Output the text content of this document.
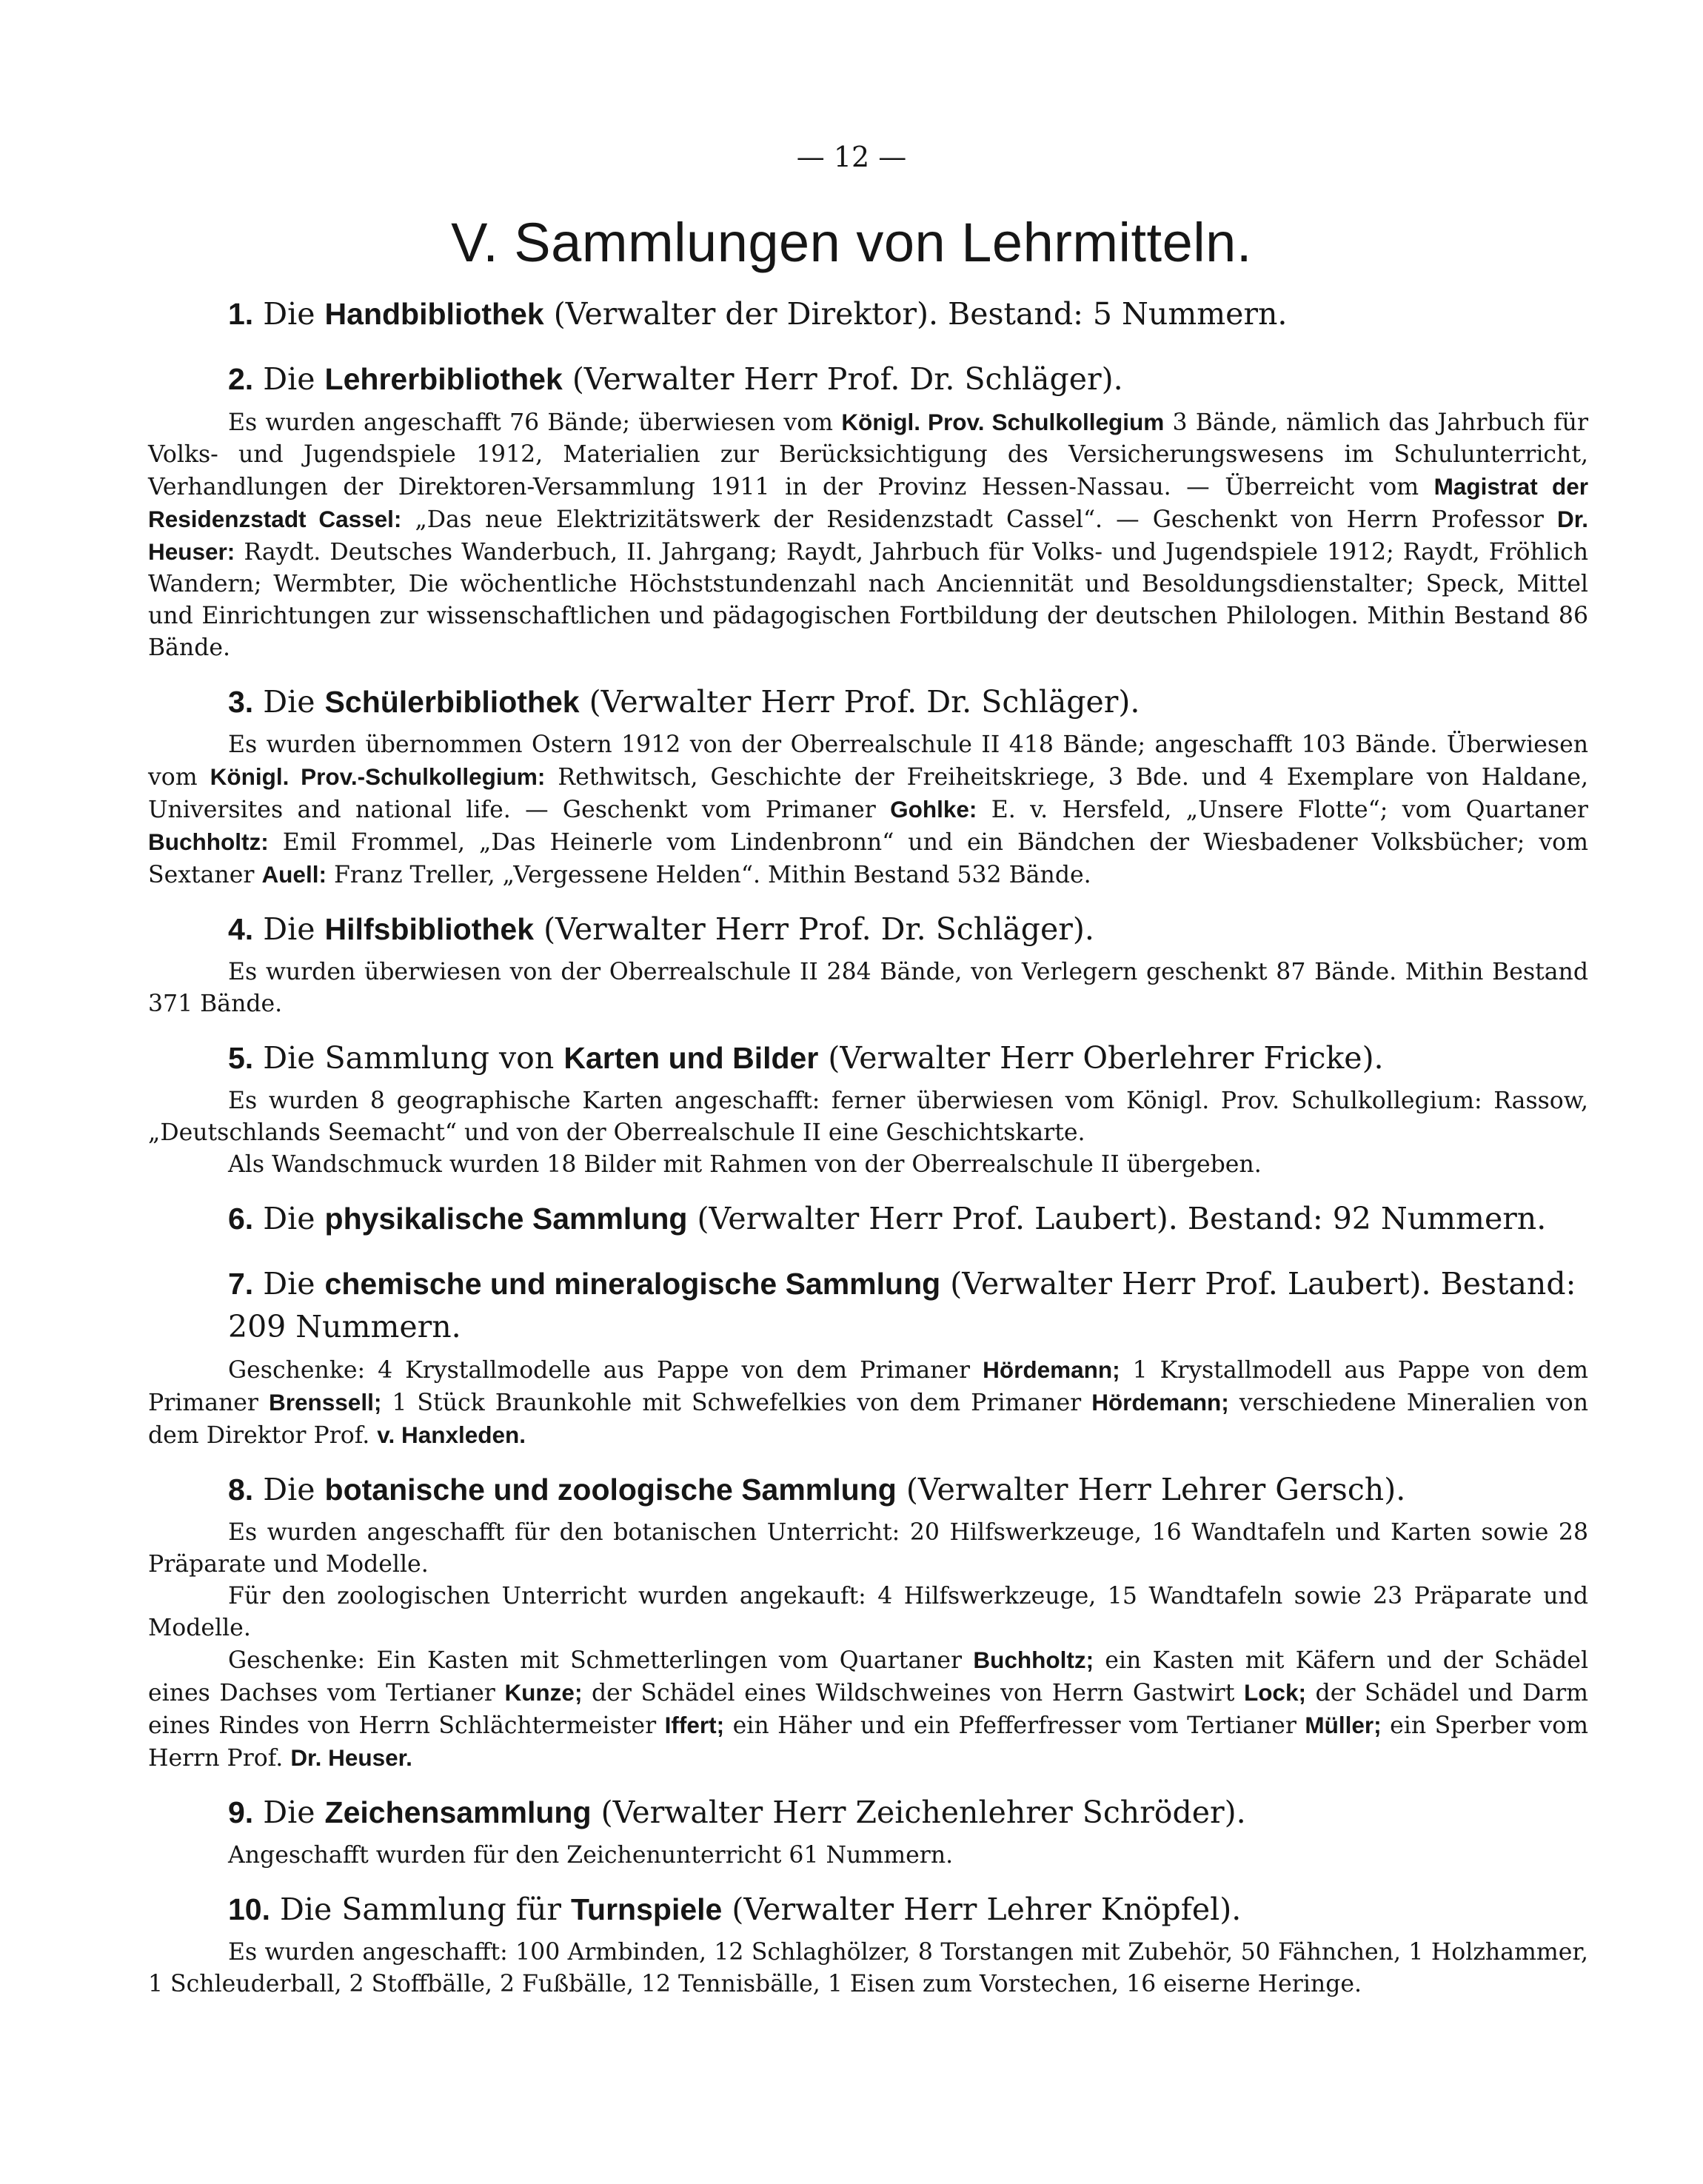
— 12 —
V. Sammlungen von Lehrmitteln.

1. Die Handbibliothek (Verwalter der Direktor). Bestand: 5 Nummern.

2. Die Lehrerbibliothek (Verwalter Herr Prof. Dr. Schläger).

Es wurden angeschafft 76 Bände; überwiesen vom Königl. Prov. Schulkollegium 3 Bände, nämlich das Jahrbuch für Volks- und Jugendspiele 1912, Materialien zur Berücksichtigung des Versicherungswesens im Schulunterricht, Verhandlungen der Direktoren-Versammlung 1911 in der Provinz Hessen-Nassau. — Überreicht vom Magistrat der Residenzstadt Cassel: „Das neue Elektrizitätswerk der Residenzstadt Cassel“. — Geschenkt von Herrn Professor Dr. Heuser: Raydt. Deutsches Wanderbuch, II. Jahrgang; Raydt, Jahrbuch für Volks- und Jugendspiele 1912; Raydt, Fröhlich Wandern; Wermbter, Die wöchentliche Höchststundenzahl nach Anciennität und Besoldungsdienstalter; Speck, Mittel und Einrichtungen zur wissenschaftlichen und pädagogischen Fortbildung der deutschen Philologen. Mithin Bestand 86 Bände.

3. Die Schülerbibliothek (Verwalter Herr Prof. Dr. Schläger).

Es wurden übernommen Ostern 1912 von der Oberrealschule II 418 Bände; angeschafft 103 Bände. Überwiesen vom Königl. Prov.-Schulkollegium: Rethwitsch, Geschichte der Freiheitskriege, 3 Bde. und 4 Exemplare von Haldane, Universites and national life. — Geschenkt vom Primaner Gohlke: E. v. Hersfeld, „Unsere Flotte“; vom Quartaner Buchholtz: Emil Frommel, „Das Heinerle vom Lindenbronn“ und ein Bändchen der Wiesbadener Volksbücher; vom Sextaner Auell: Franz Treller, „Vergessene Helden“. Mithin Bestand 532 Bände.

4. Die Hilfsbibliothek (Verwalter Herr Prof. Dr. Schläger).

Es wurden überwiesen von der Oberrealschule II 284 Bände, von Verlegern geschenkt 87 Bände. Mithin Bestand 371 Bände.

5. Die Sammlung von Karten und Bilder (Verwalter Herr Oberlehrer Fricke).

Es wurden 8 geographische Karten angeschafft: ferner überwiesen vom Königl. Prov. Schulkollegium: Rassow, „Deutschlands Seemacht“ und von der Oberrealschule II eine Geschichtskarte.

Als Wandschmuck wurden 18 Bilder mit Rahmen von der Oberrealschule II übergeben.

6. Die physikalische Sammlung (Verwalter Herr Prof. Laubert). Bestand: 92 Nummern.

7. Die chemische und mineralogische Sammlung (Verwalter Herr Prof. Laubert). Bestand: 209 Nummern.

Geschenke: 4 Krystallmodelle aus Pappe von dem Primaner Hördemann; 1 Krystallmodell aus Pappe von dem Primaner Brenssell; 1 Stück Braunkohle mit Schwefelkies von dem Primaner Hördemann; verschiedene Mineralien von dem Direktor Prof. v. Hanxleden.

8. Die botanische und zoologische Sammlung (Verwalter Herr Lehrer Gersch).

Es wurden angeschafft für den botanischen Unterricht: 20 Hilfswerkzeuge, 16 Wandtafeln und Karten sowie 28 Präparate und Modelle.

Für den zoologischen Unterricht wurden angekauft: 4 Hilfswerkzeuge, 15 Wandtafeln sowie 23 Präparate und Modelle.

Geschenke: Ein Kasten mit Schmetterlingen vom Quartaner Buchholtz; ein Kasten mit Käfern und der Schädel eines Dachses vom Tertianer Kunze; der Schädel eines Wildschweines von Herrn Gastwirt Lock; der Schädel und Darm eines Rindes von Herrn Schlächtermeister Iffert; ein Häher und ein Pfefferfresser vom Tertianer Müller; ein Sperber vom Herrn Prof. Dr. Heuser.

9. Die Zeichensammlung (Verwalter Herr Zeichenlehrer Schröder).

Angeschafft wurden für den Zeichenunterricht 61 Nummern.

10. Die Sammlung für Turnspiele (Verwalter Herr Lehrer Knöpfel).

Es wurden angeschafft: 100 Armbinden, 12 Schlaghölzer, 8 Torstangen mit Zubehör, 50 Fähnchen, 1 Holzhammer, 1 Schleuderball, 2 Stoffbälle, 2 Fußbälle, 12 Tennisbälle, 1 Eisen zum Vorstechen, 16 eiserne Heringe.
